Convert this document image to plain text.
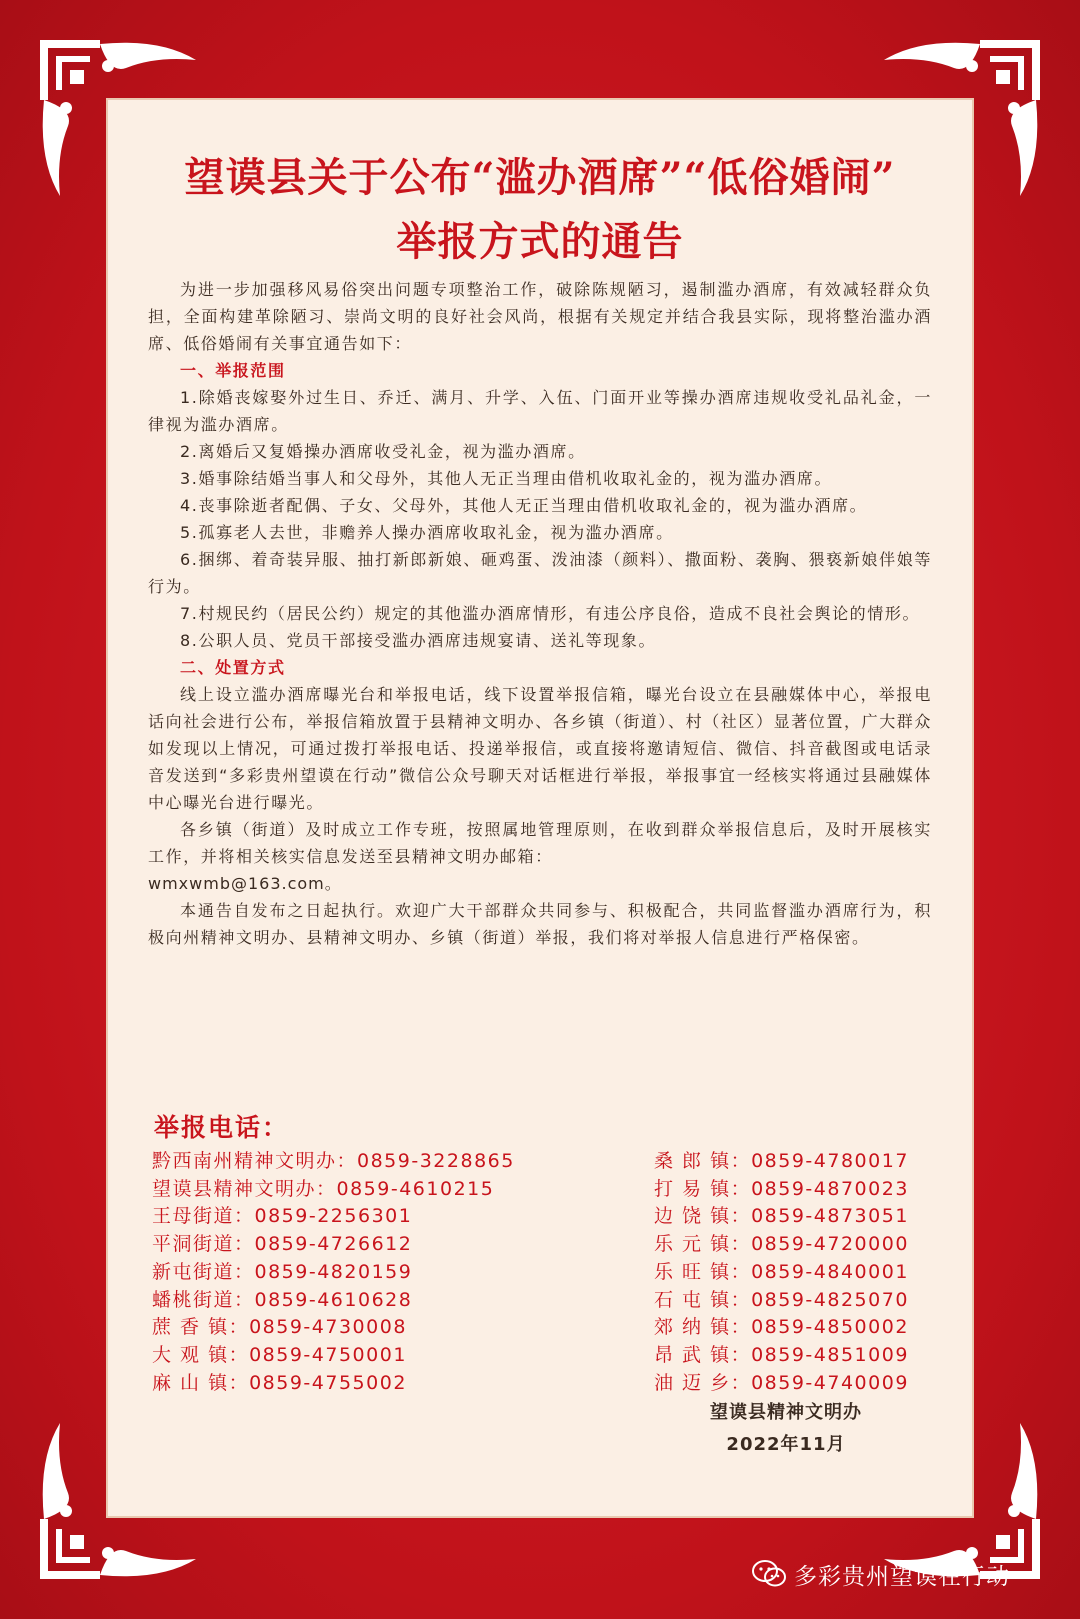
望谟县关于公布“滥办酒席”“低俗婚闹”
举报方式的通告

为进一步加强移风易俗突出问题专项整治工作，破除陈规陋习，遏制滥办酒席，有效减轻群众负担，全面构建革除陋习、崇尚文明的良好社会风尚，根据有关规定并结合我县实际，现将整治滥办酒席、低俗婚闹有关事宜通告如下：

一、举报范围

1.除婚丧嫁娶外过生日、乔迁、满月、升学、入伍、门面开业等操办酒席违规收受礼品礼金，一律视为滥办酒席。

2.离婚后又复婚操办酒席收受礼金，视为滥办酒席。

3.婚事除结婚当事人和父母外，其他人无正当理由借机收取礼金的，视为滥办酒席。

4.丧事除逝者配偶、子女、父母外，其他人无正当理由借机收取礼金的，视为滥办酒席。

5.孤寡老人去世，非赡养人操办酒席收取礼金，视为滥办酒席。

6.捆绑、着奇装异服、抽打新郎新娘、砸鸡蛋、泼油漆（颜料）、撒面粉、袭胸、猥亵新娘伴娘等行为。

7.村规民约（居民公约）规定的其他滥办酒席情形，有违公序良俗，造成不良社会舆论的情形。

8.公职人员、党员干部接受滥办酒席违规宴请、送礼等现象。

二、处置方式

线上设立滥办酒席曝光台和举报电话，线下设置举报信箱，曝光台设立在县融媒体中心，举报电话向社会进行公布，举报信箱放置于县精神文明办、各乡镇（街道）、村（社区）显著位置，广大群众如发现以上情况，可通过拨打举报电话、投递举报信，或直接将邀请短信、微信、抖音截图或电话录音发送到“多彩贵州望谟在行动”微信公众号聊天对话框进行举报，举报事宜一经核实将通过县融媒体中心曝光台进行曝光。

各乡镇（街道）及时成立工作专班，按照属地管理原则，在收到群众举报信息后，及时开展核实工作，并将相关核实信息发送至县精神文明办邮箱：

wmxwmb@163.com。

本通告自发布之日起执行。欢迎广大干部群众共同参与、积极配合，共同监督滥办酒席行为，积极向州精神文明办、县精神文明办、乡镇（街道）举报，我们将对举报人信息进行严格保密。

举报电话：
黔西南州精神文明办：0859-3228865
望谟县精神文明办：0859-4610215
王母街道：0859-2256301
平洞街道：0859-4726612
新屯街道：0859-4820159
蟠桃街道：0859-4610628
蔗 香 镇：0859-4730008
大 观 镇：0859-4750001
麻 山 镇：0859-4755002
桑 郎 镇：0859-4780017
打 易 镇：0859-4870023
边 饶 镇：0859-4873051
乐 元 镇：0859-4720000
乐 旺 镇：0859-4840001
石 屯 镇：0859-4825070
郊 纳 镇：0859-4850002
昂 武 镇：0859-4851009
油 迈 乡：0859-4740009
望谟县精神文明办
2022年11月
多彩贵州望谟在行动
